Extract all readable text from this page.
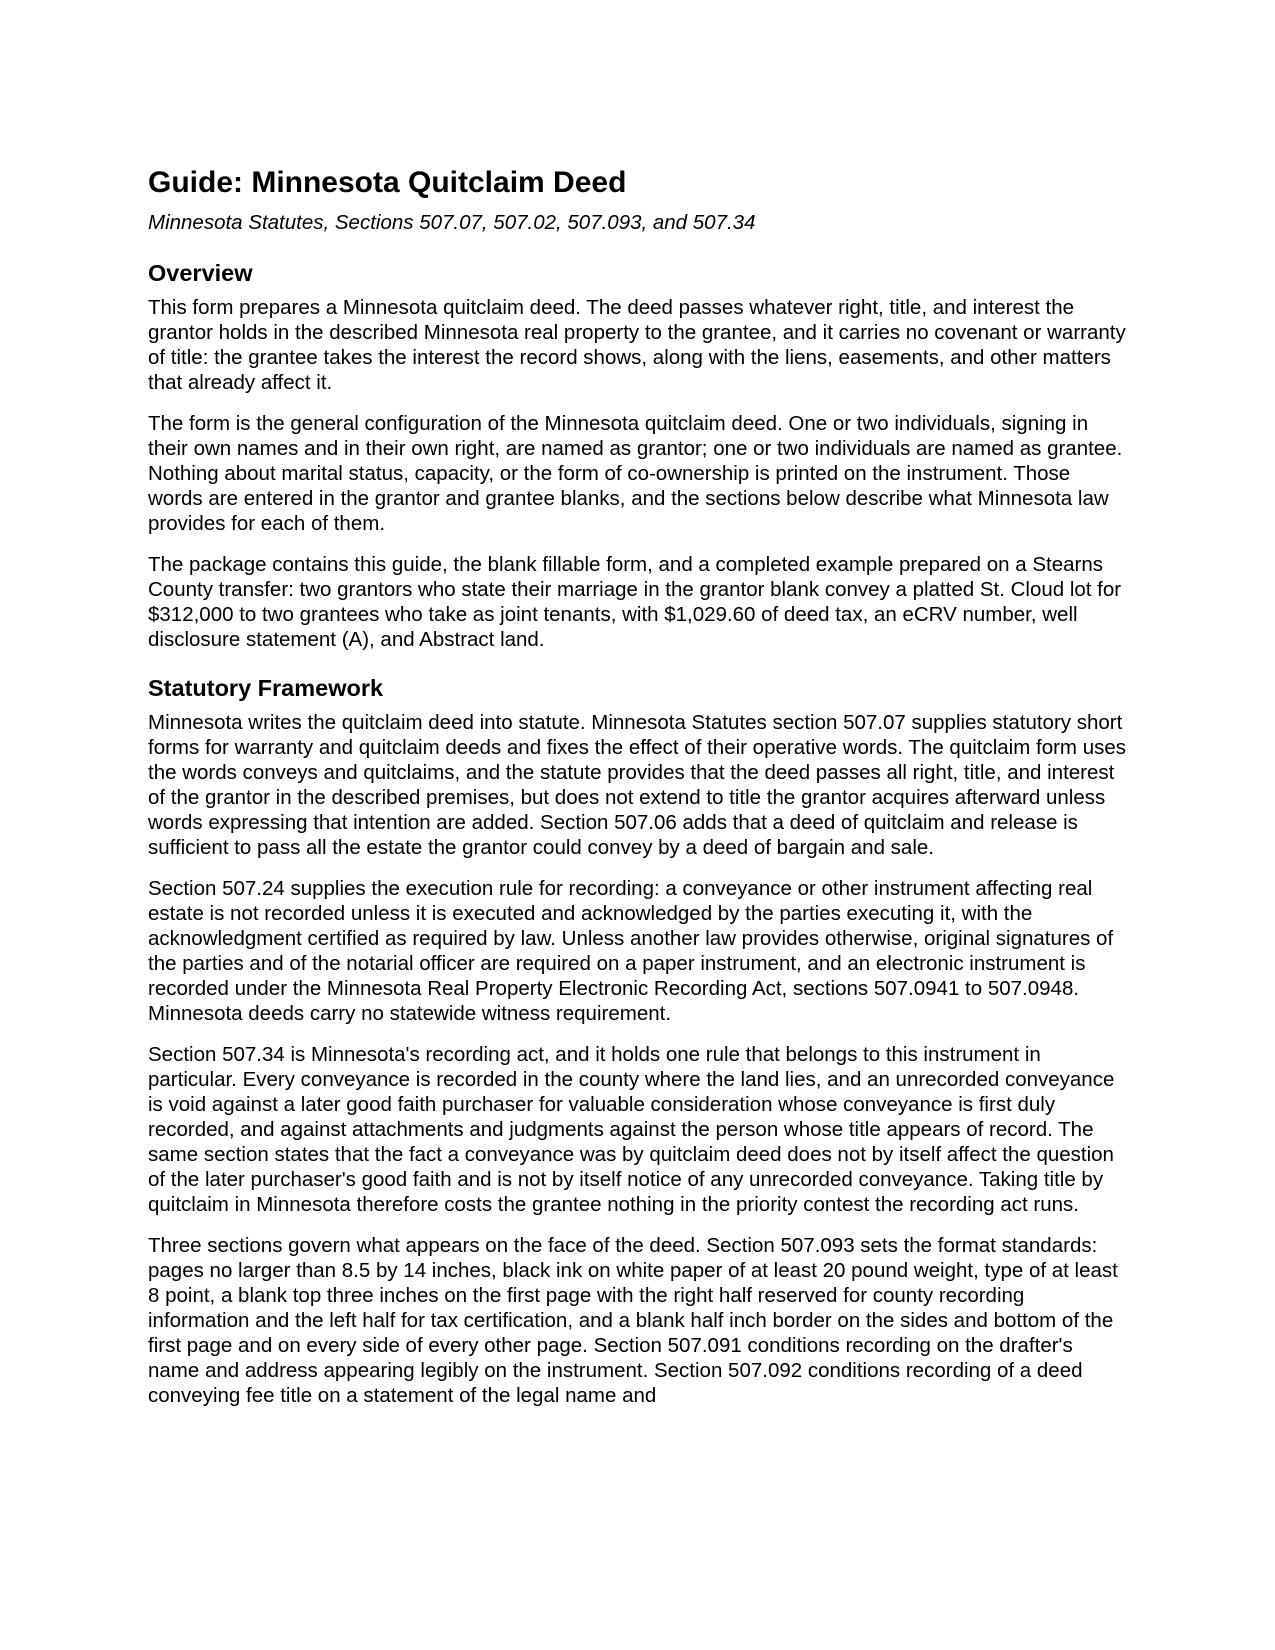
Guide: Minnesota Quitclaim Deed
Minnesota Statutes, Sections 507.07, 507.02, 507.093, and 507.34
Overview

This form prepares a Minnesota quitclaim deed. The deed passes whatever right, title, and interest the grantor holds in the described Minnesota real property to the grantee, and it carries no covenant or warranty of title: the grantee takes the interest the record shows, along with the liens, easements, and other matters that already affect it.

The form is the general configuration of the Minnesota quitclaim deed. One or two individuals, signing in their own names and in their own right, are named as grantor; one or two individuals are named as grantee. Nothing about marital status, capacity, or the form of co-ownership is printed on the instrument. Those words are entered in the grantor and grantee blanks, and the sections below describe what Minnesota law provides for each of them.

The package contains this guide, the blank fillable form, and a completed example prepared on a Stearns County transfer: two grantors who state their marriage in the grantor blank convey a platted St. Cloud lot for $312,000 to two grantees who take as joint tenants, with $1,029.60 of deed tax, an eCRV number, well disclosure statement (A), and Abstract land.

Statutory Framework

Minnesota writes the quitclaim deed into statute. Minnesota Statutes section 507.07 supplies statutory short forms for warranty and quitclaim deeds and fixes the effect of their operative words. The quitclaim form uses the words conveys and quitclaims, and the statute provides that the deed passes all right, title, and interest of the grantor in the described premises, but does not extend to title the grantor acquires afterward unless words expressing that intention are added. Section 507.06 adds that a deed of quitclaim and release is sufficient to pass all the estate the grantor could convey by a deed of bargain and sale.

Section 507.24 supplies the execution rule for recording: a conveyance or other instrument affecting real estate is not recorded unless it is executed and acknowledged by the parties executing it, with the acknowledgment certified as required by law. Unless another law provides otherwise, original signatures of the parties and of the notarial officer are required on a paper instrument, and an electronic instrument is recorded under the Minnesota Real Property Electronic Recording Act, sections 507.0941 to 507.0948. Minnesota deeds carry no statewide witness requirement.

Section 507.34 is Minnesota's recording act, and it holds one rule that belongs to this instrument in particular. Every conveyance is recorded in the county where the land lies, and an unrecorded conveyance is void against a later good faith purchaser for valuable consideration whose conveyance is first duly recorded, and against attachments and judgments against the person whose title appears of record. The same section states that the fact a conveyance was by quitclaim deed does not by itself affect the question of the later purchaser's good faith and is not by itself notice of any unrecorded conveyance. Taking title by quitclaim in Minnesota therefore costs the grantee nothing in the priority contest the recording act runs.

Three sections govern what appears on the face of the deed. Section 507.093 sets the format standards: pages no larger than 8.5 by 14 inches, black ink on white paper of at least 20 pound weight, type of at least 8 point, a blank top three inches on the first page with the right half reserved for county recording information and the left half for tax certification, and a blank half inch border on the sides and bottom of the first page and on every side of every other page. Section 507.091 conditions recording on the drafter's name and address appearing legibly on the instrument. Section 507.092 conditions recording of a deed conveying fee title on a statement of the legal name and
